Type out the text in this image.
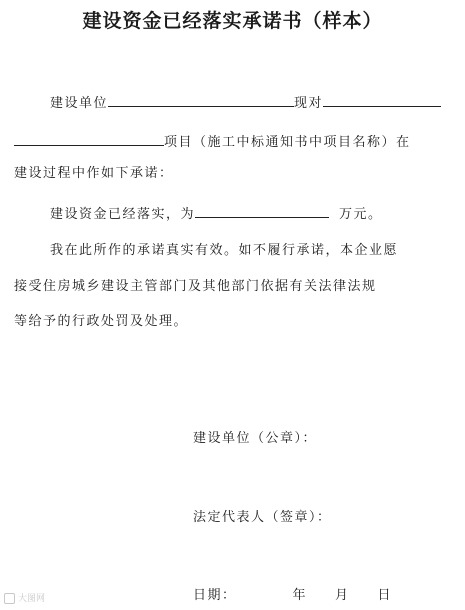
建设资金已经落实承诺书（样本）
建设单位	现对
项目（施工中标通知书中项目名称）在
建设过程中作如下承诺：
建设资金已经落实，为	万元。
我在此所作的承诺真实有效。如不履行承诺，本企业愿
接受住房城乡建设主管部门及其他部门依据有关法律法规
等给予的行政处罚及处理。
建设单位（公章）：
法定代表人（签章）：
日期：	年 月 日
大图网
